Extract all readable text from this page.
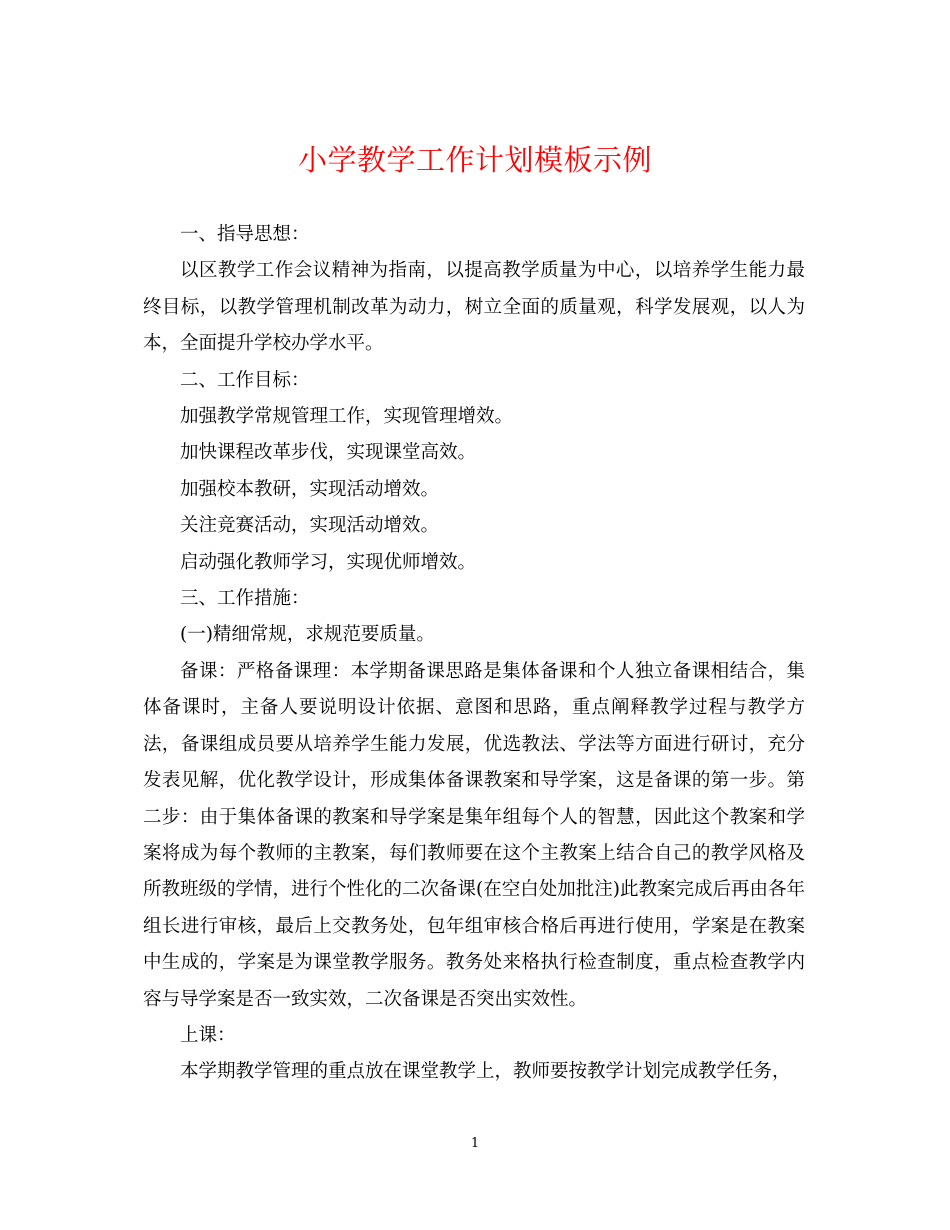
小学教学工作计划模板示例

一、指导思想：

以区教学工作会议精神为指南，以提高教学质量为中心，以培养学生能力最终目标，以教学管理机制改革为动力，树立全面的质量观，科学发展观，以人为本，全面提升学校办学水平。

二、工作目标：

加强教学常规管理工作，实现管理增效。

加快课程改革步伐，实现课堂高效。

加强校本教研，实现活动增效。

关注竞赛活动，实现活动增效。

启动强化教师学习，实现优师增效。

三、工作措施：

(一)精细常规，求规范要质量。

备课：严格备课理：本学期备课思路是集体备课和个人独立备课相结合，集体备课时，主备人要说明设计依据、意图和思路，重点阐释教学过程与教学方法，备课组成员要从培养学生能力发展，优选教法、学法等方面进行研讨，充分发表见解，优化教学设计，形成集体备课教案和导学案，这是备课的第一步。第二步：由于集体备课的教案和导学案是集年组每个人的智慧，因此这个教案和学案将成为每个教师的主教案，每们教师要在这个主教案上结合自己的教学风格及所教班级的学情，进行个性化的二次备课(在空白处加批注)此教案完成后再由各年组长进行审核，最后上交教务处，包年组审核合格后再进行使用，学案是在教案中生成的，学案是为课堂教学服务。教务处来格执行检查制度，重点检查教学内容与导学案是否一致实效，二次备课是否突出实效性。

上课：

本学期教学管理的重点放在课堂教学上，教师要按教学计划完成教学任务，

1
